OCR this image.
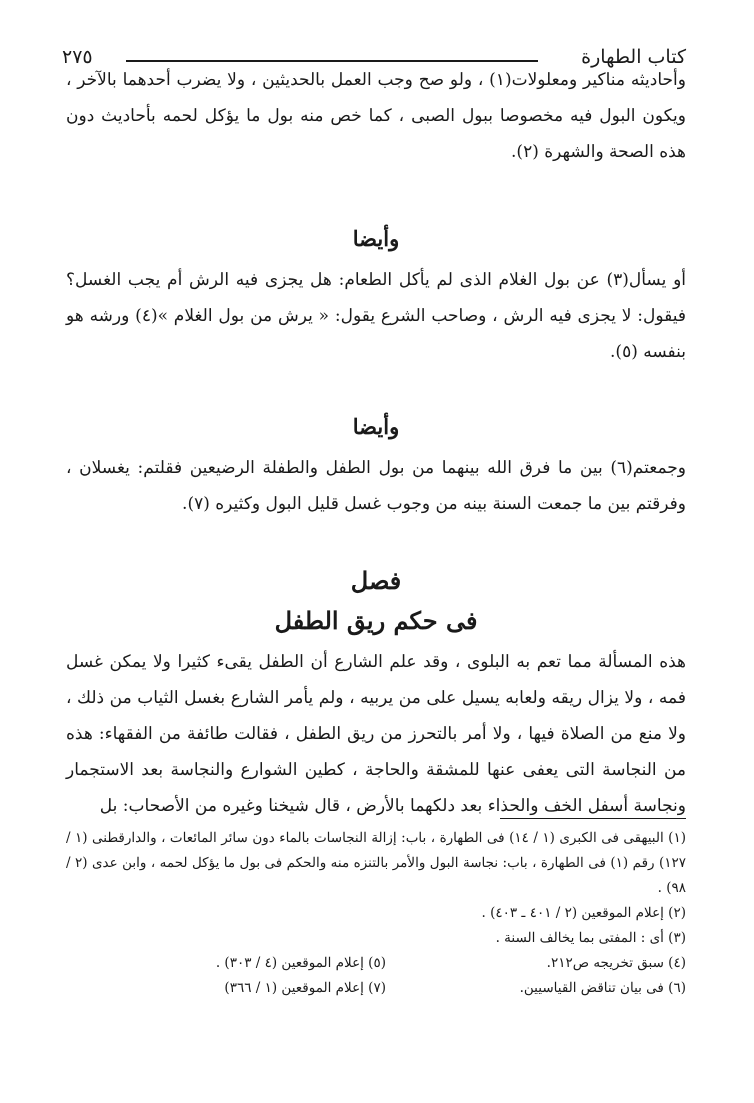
كتاب الطهارة
٢٧٥

وأحاديثه مناكير ومعلولات(١) ، ولو صح وجب العمل بالحديثين ، ولا يضرب أحدهما بالآخر ، ويكون البول فيه مخصوصا ببول الصبى ، كما خص منه بول ما يؤكل لحمه بأحاديث دون هذه الصحة والشهرة (٢).

وأيضا

أو يسأل(٣) عن بول الغلام الذى لم يأكل الطعام: هل يجزى فيه الرش أم يجب الغسل؟ فيقول: لا يجزى فيه الرش ، وصاحب الشرع يقول: « يرش من بول الغلام »(٤) ورشه هو بنفسه (٥).

وأيضا

وجمعتم(٦) بين ما فرق الله بينهما من بول الطفل والطفلة الرضيعين فقلتم: يغسلان ، وفرقتم بين ما جمعت السنة بينه من وجوب غسل قليل البول وكثيره (٧).

فصل
فى حكم ريق الطفل

هذه المسألة مما تعم به البلوى ، وقد علم الشارع أن الطفل يقىء كثيرا ولا يمكن غسل فمه ، ولا يزال ريقه ولعابه يسيل على من يربيه ، ولم يأمر الشارع بغسل الثياب من ذلك ، ولا منع من الصلاة فيها ، ولا أمر بالتحرز من ريق الطفل ، فقالت طائفة من الفقهاء: هذه من النجاسة التى يعفى عنها للمشقة والحاجة ، كطين الشوارع والنجاسة بعد الاستجمار ونجاسة أسفل الخف والحذاء بعد دلكهما بالأرض ، قال شيخنا وغيره من الأصحاب: بل

(١) البيهقى فى الكبرى (١ / ١٤) فى الطهارة ، باب: إزالة النجاسات بالماء دون سائر المائعات ، والدارقطنى (١ / ١٢٧) رقم (١) فى الطهارة ، باب: نجاسة البول والأمر بالتنزه منه والحكم فى بول ما يؤكل لحمه ، وابن عدى (٢ / ٩٨) .
(٢) إعلام الموقعين (٢ / ٤٠١ ـ ٤٠٣) .
(٣) أى : المفتى بما يخالف السنة .
(٤) سبق تخريجه ص٢١٢.
(٥) إعلام الموقعين (٤ / ٣٠٣) .
(٦) فى بيان تناقض القياسيين.
(٧) إعلام الموقعين (١ / ٣٦٦)
